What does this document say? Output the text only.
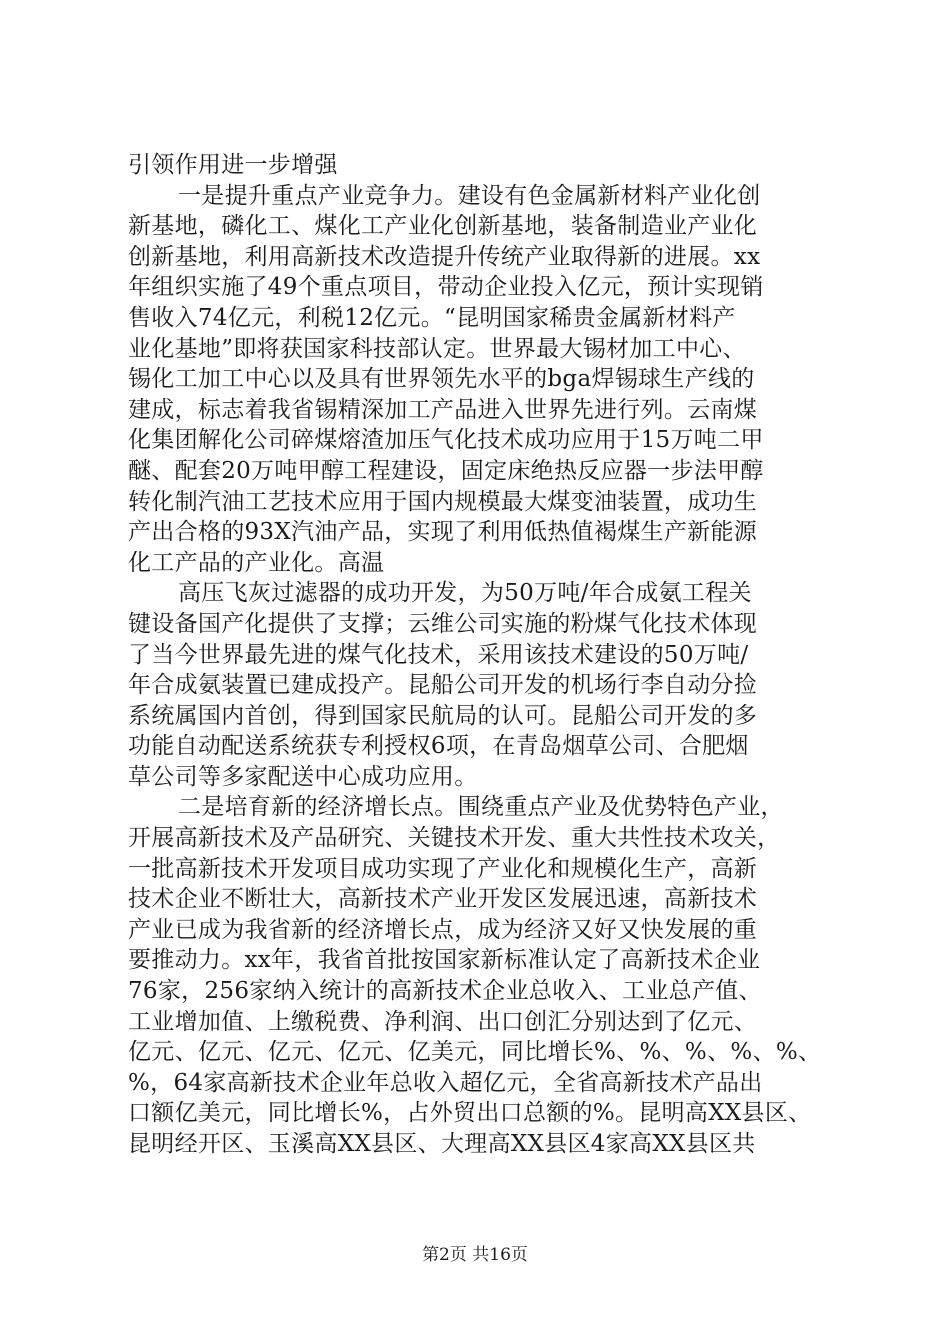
引领作用进一步增强
一是提升重点产业竞争力。建设有色金属新材料产业化创
新基地，磷化工、煤化工产业化创新基地，装备制造业产业化
创新基地，利用高新技术改造提升传统产业取得新的进展。xx
年组织实施了49个重点项目，带动企业投入亿元，预计实现销
售收入74亿元，利税12亿元。“昆明国家稀贵金属新材料产
业化基地”即将获国家科技部认定。世界最大锡材加工中心、
锡化工加工中心以及具有世界领先水平的bga焊锡球生产线的
建成，标志着我省锡精深加工产品进入世界先进行列。云南煤
化集团解化公司碎煤熔渣加压气化技术成功应用于15万吨二甲
醚、配套20万吨甲醇工程建设，固定床绝热反应器一步法甲醇
转化制汽油工艺技术应用于国内规模最大煤变油装置，成功生
产出合格的93X汽油产品，实现了利用低热值褐煤生产新能源
化工产品的产业化。高温
高压飞灰过滤器的成功开发，为50万吨/年合成氨工程关
键设备国产化提供了支撑；云维公司实施的粉煤气化技术体现
了当今世界最先进的煤气化技术，采用该技术建设的50万吨/
年合成氨装置已建成投产。昆船公司开发的机场行李自动分捡
系统属国内首创，得到国家民航局的认可。昆船公司开发的多
功能自动配送系统获专利授权6项，在青岛烟草公司、合肥烟
草公司等多家配送中心成功应用。
二是培育新的经济增长点。围绕重点产业及优势特色产业，
开展高新技术及产品研究、关键技术开发、重大共性技术攻关，
一批高新技术开发项目成功实现了产业化和规模化生产，高新
技术企业不断壮大，高新技术产业开发区发展迅速，高新技术
产业已成为我省新的经济增长点，成为经济又好又快发展的重
要推动力。xx年，我省首批按国家新标准认定了高新技术企业
76家，256家纳入统计的高新技术企业总收入、工业总产值、
工业增加值、上缴税费、净利润、出口创汇分别达到了亿元、
亿元、亿元、亿元、亿元、亿美元，同比增长%、%、%、%、%、
%，64家高新技术企业年总收入超亿元，全省高新技术产品出
口额亿美元，同比增长%，占外贸出口总额的%。昆明高XX县区、
昆明经开区、玉溪高XX县区、大理高XX县区4家高XX县区共
第2页 共16页
